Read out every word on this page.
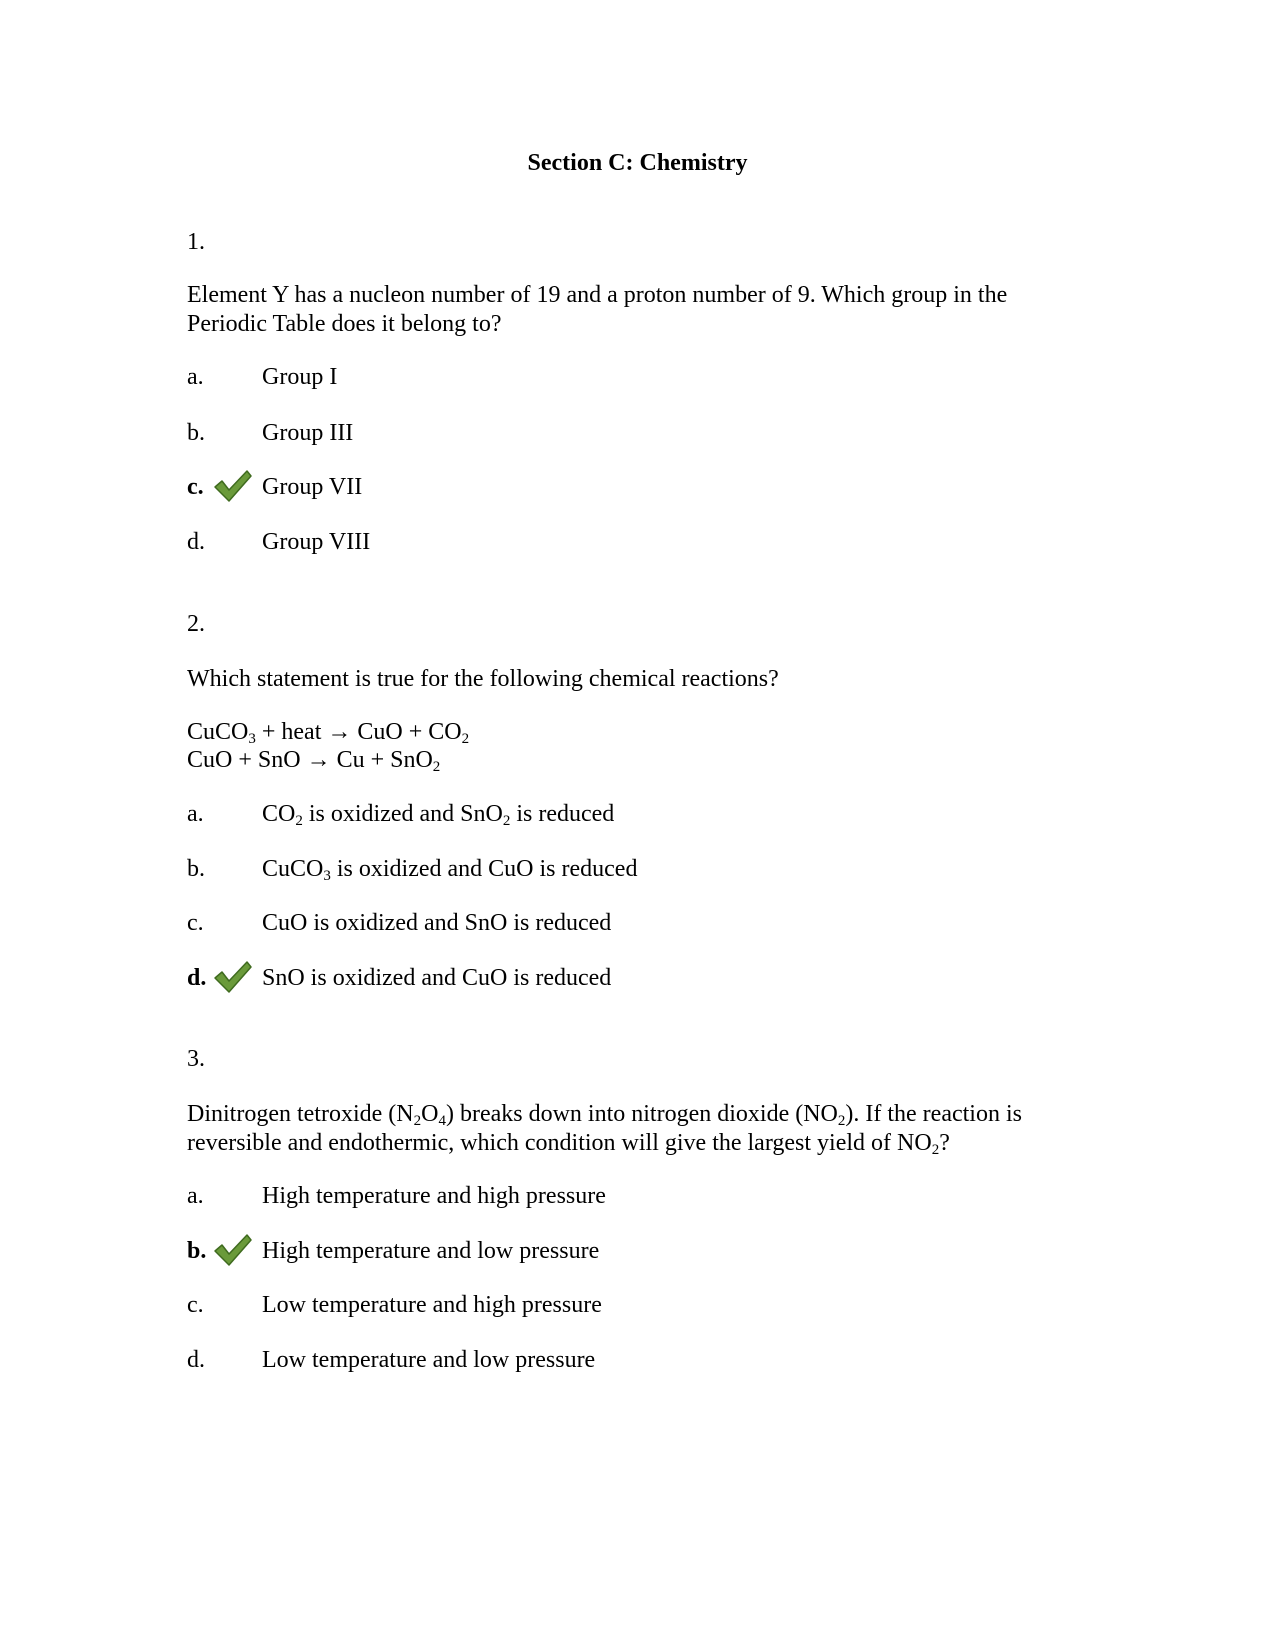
Section C: Chemistry
1.
Element Y has a nucleon number of 19 and a proton number of 9. Which group in the Periodic Table does it belong to?
a. Group I
b. Group III
c. Group VII
d. Group VIII
2.
Which statement is true for the following chemical reactions?
CuCO$_3$ + heat → CuO + $CO_2$
CuO + SnO → Cu + SnO$_2$
a. $CO_2$ is oxidized and SnO$_2$ is reduced
b. CuCO$_3$ is oxidized and CuO is reduced
c. CuO is oxidized and SnO is reduced
d. SnO is oxidized and CuO is reduced
3.
Dinitrogen tetroxide $(N_2O_4)$ breaks down into nitrogen dioxide $(NO_2)$. If the reaction is
reversible and endothermic, which condition will give the largest yield of $NO_2$?
a. High temperature and high pressure
b. High temperature and low pressure
c. Low temperature and high pressure
d. Low temperature and low pressure
